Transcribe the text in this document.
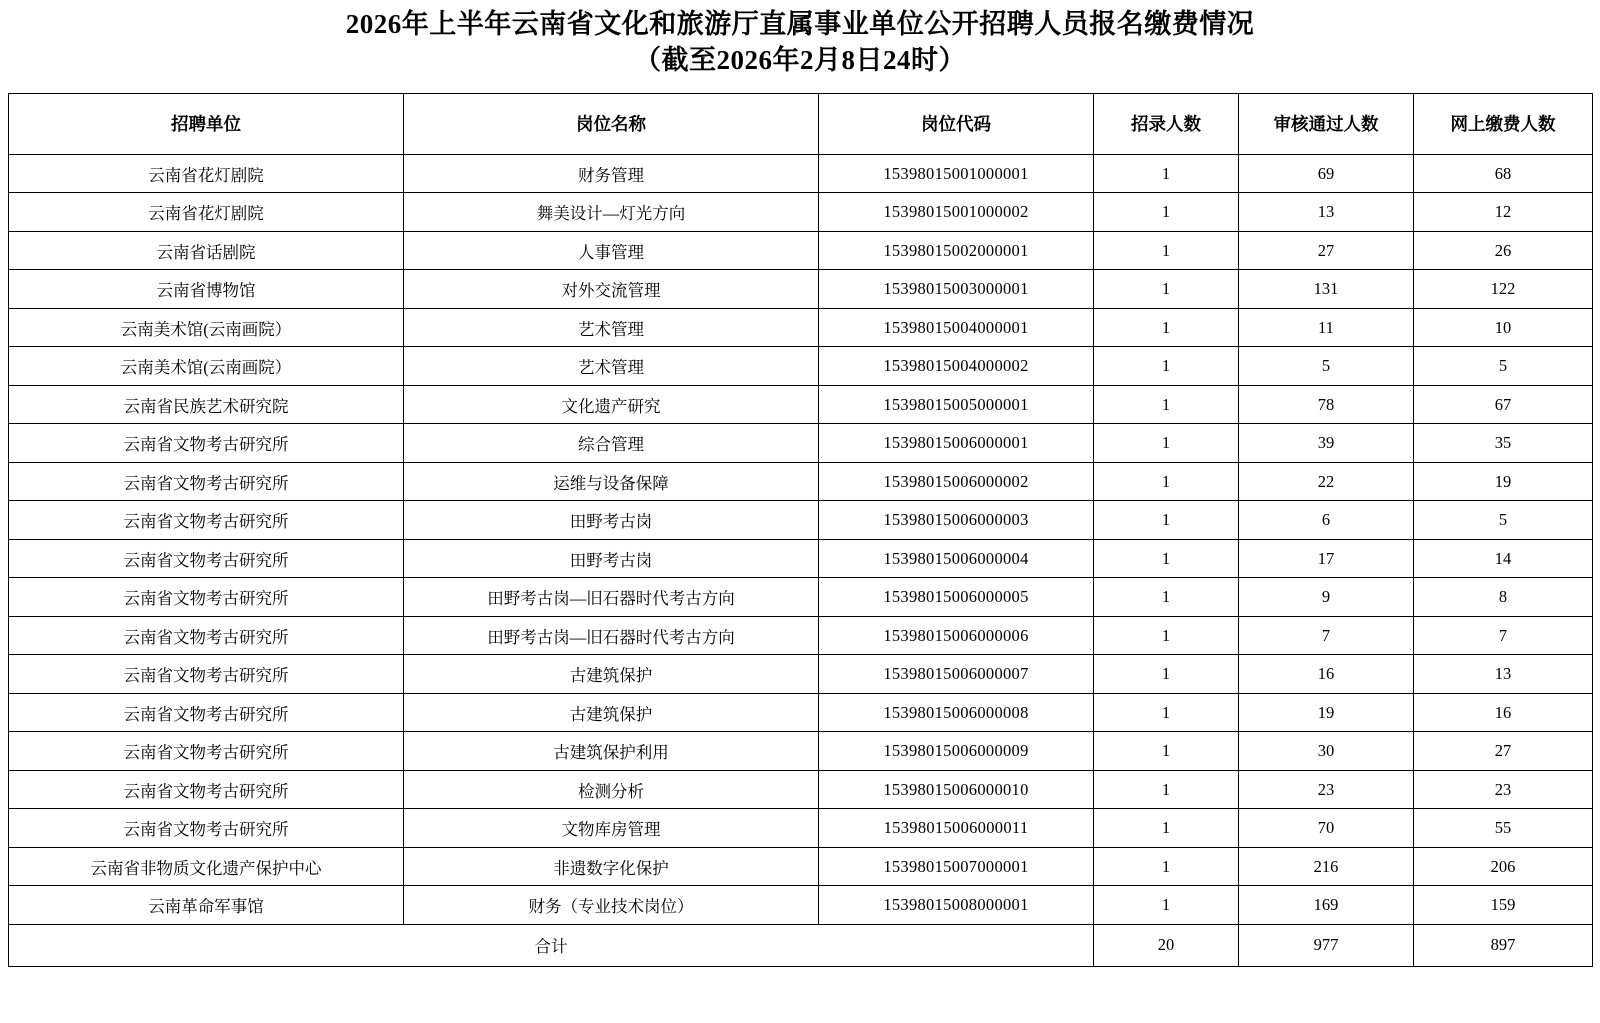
2026年上半年云南省文化和旅游厅直属事业单位公开招聘人员报名缴费情况
（截至2026年2月8日24时）
招聘单位	岗位名称	岗位代码	招录人数	审核通过人数	网上缴费人数
云南省花灯剧院	财务管理	15398015001000001	1	69	68
云南省花灯剧院	舞美设计—灯光方向	15398015001000002	1	13	12
云南省话剧院	人事管理	15398015002000001	1	27	26
云南省博物馆	对外交流管理	15398015003000001	1	131	122
云南美术馆(云南画院）	艺术管理	15398015004000001	1	11	10
云南美术馆(云南画院）	艺术管理	15398015004000002	1	5	5
云南省民族艺术研究院	文化遗产研究	15398015005000001	1	78	67
云南省文物考古研究所	综合管理	15398015006000001	1	39	35
云南省文物考古研究所	运维与设备保障	15398015006000002	1	22	19
云南省文物考古研究所	田野考古岗	15398015006000003	1	6	5
云南省文物考古研究所	田野考古岗	15398015006000004	1	17	14
云南省文物考古研究所	田野考古岗—旧石器时代考古方向	15398015006000005	1	9	8
云南省文物考古研究所	田野考古岗—旧石器时代考古方向	15398015006000006	1	7	7
云南省文物考古研究所	古建筑保护	15398015006000007	1	16	13
云南省文物考古研究所	古建筑保护	15398015006000008	1	19	16
云南省文物考古研究所	古建筑保护利用	15398015006000009	1	30	27
云南省文物考古研究所	检测分析	15398015006000010	1	23	23
云南省文物考古研究所	文物库房管理	15398015006000011	1	70	55
云南省非物质文化遗产保护中心	非遗数字化保护	15398015007000001	1	216	206
云南革命军事馆	财务（专业技术岗位）	15398015008000001	1	169	159
合计			20	977	897
